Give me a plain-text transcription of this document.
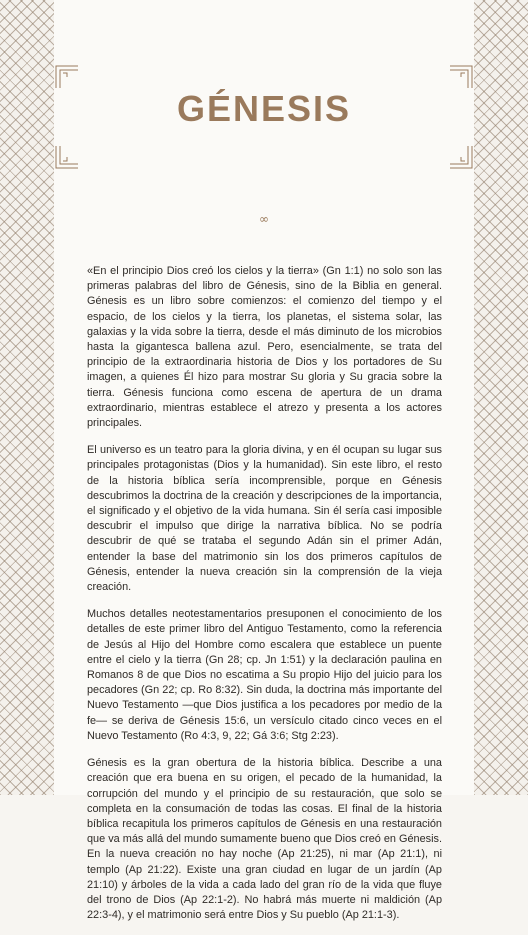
GÉNESIS
∞

«En el principio Dios creó los cielos y la tierra» (Gn 1:1) no solo son las primeras palabras del libro de Génesis, sino de la Biblia en general. Génesis es un libro sobre comienzos: el comienzo del tiempo y el espacio, de los cielos y la tierra, los planetas, el sistema solar, las galaxias y la vida sobre la tierra, desde el más diminuto de los microbios hasta la gigantesca ballena azul. Pero, esencialmente, se trata del principio de la extraordinaria historia de Dios y los portadores de Su imagen, a quienes Él hizo para mostrar Su gloria y Su gracia sobre la tierra. Génesis funciona como escena de apertura de un drama extraordinario, mientras establece el atrezo y presenta a los actores principales.

El universo es un teatro para la gloria divina, y en él ocupan su lugar sus principales protagonistas (Dios y la humanidad). Sin este libro, el resto de la historia bíblica sería incomprensible, porque en Génesis descubrimos la doctrina de la creación y descripciones de la importancia, el significado y el objetivo de la vida humana. Sin él sería casi imposible descubrir el impulso que dirige la narrativa bíblica. No se podría descubrir de qué se trataba el segundo Adán sin el primer Adán, entender la base del matrimonio sin los dos primeros capítulos de Génesis, entender la nueva creación sin la comprensión de la vieja creación.

Muchos detalles neotestamentarios presuponen el conocimiento de los detalles de este primer libro del Antiguo Testamento, como la referencia de Jesús al Hijo del Hombre como escalera que establece un puente entre el cielo y la tierra (Gn 28; cp. Jn 1:51) y la declaración paulina en Romanos 8 de que Dios no escatima a Su propio Hijo del juicio para los pecadores (Gn 22; cp. Ro 8:32). Sin duda, la doctrina más importante del Nuevo Testamento —que Dios justifica a los pecadores por medio de la fe— se deriva de Génesis 15:6, un versículo citado cinco veces en el Nuevo Testamento (Ro 4:3, 9, 22; Gá 3:6; Stg 2:23).

Génesis es la gran obertura de la historia bíblica. Describe a una creación que era buena en su origen, el pecado de la humanidad, la corrupción del mundo y el principio de su restauración, que solo se completa en la consumación de todas las cosas. El final de la historia bíblica recapitula los primeros capítulos de Génesis en una restauración que va más allá del mundo sumamente bueno que Dios creó en Génesis. En la nueva creación no hay noche (Ap 21:25), ni mar (Ap 21:1), ni templo (Ap 21:22). Existe una gran ciudad en lugar de un jardín (Ap 21:10) y árboles de la vida a cada lado del gran río de la vida que fluye del trono de Dios (Ap 22:1-2). No habrá más muerte ni maldición (Ap 22:3-4), y el matrimonio será entre Dios y Su pueblo (Ap 21:1-3).
